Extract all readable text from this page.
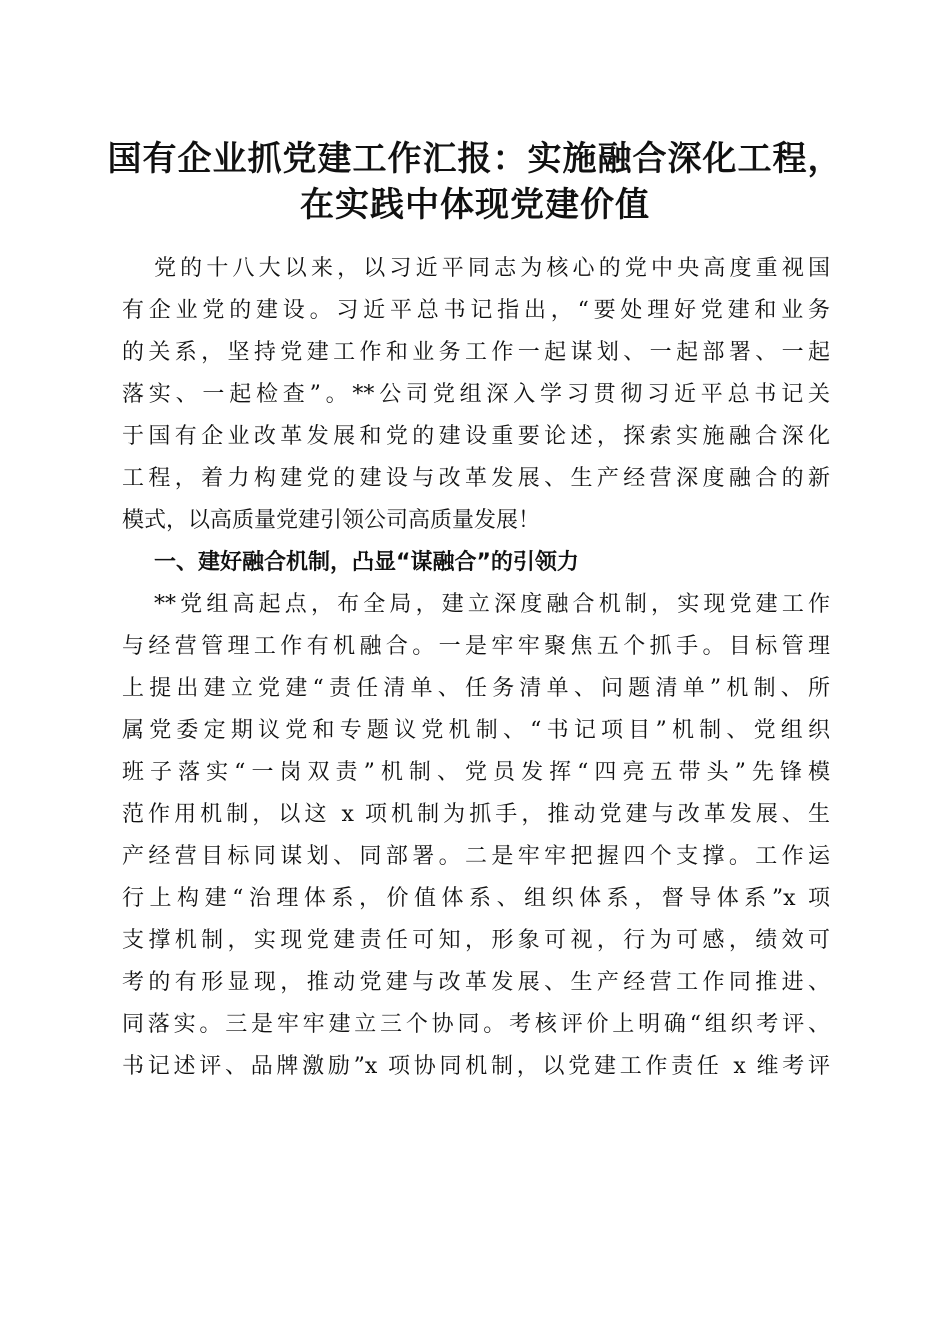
国有企业抓党建工作汇报：实施融合深化工程，
在实践中体现党建价值
党的十八大以来，以习近平同志为核心的党中央高度重视国
有企业党的建设。习近平总书记指出，“要处理好党建和业务
的关系，坚持党建工作和业务工作一起谋划、一起部署、一起
落实、一起检查”。**公司党组深入学习贯彻习近平总书记关
于国有企业改革发展和党的建设重要论述，探索实施融合深化
工程，着力构建党的建设与改革发展、生产经营深度融合的新
模式，以高质量党建引领公司高质量发展！
一、建好融合机制，凸显“谋融合”的引领力
**党组高起点，布全局，建立深度融合机制，实现党建工作
与经营管理工作有机融合。一是牢牢聚焦五个抓手。目标管理
上提出建立党建“责任清单、任务清单、问题清单”机制、所
属党委定期议党和专题议党机制、“书记项目”机制、党组织
班子落实“一岗双责”机制、党员发挥“四亮五带头”先锋模
范作用机制，以这 x 项机制为抓手，推动党建与改革发展、生
产经营目标同谋划、同部署。二是牢牢把握四个支撑。工作运
行上构建“治理体系，价值体系、组织体系，督导体系”x 项
支撑机制，实现党建责任可知，形象可视，行为可感，绩效可
考的有形显现，推动党建与改革发展、生产经营工作同推进、
同落实。三是牢牢建立三个协同。考核评价上明确“组织考评、
书记述评、品牌激励”x 项协同机制，以党建工作责任 x 维考评
